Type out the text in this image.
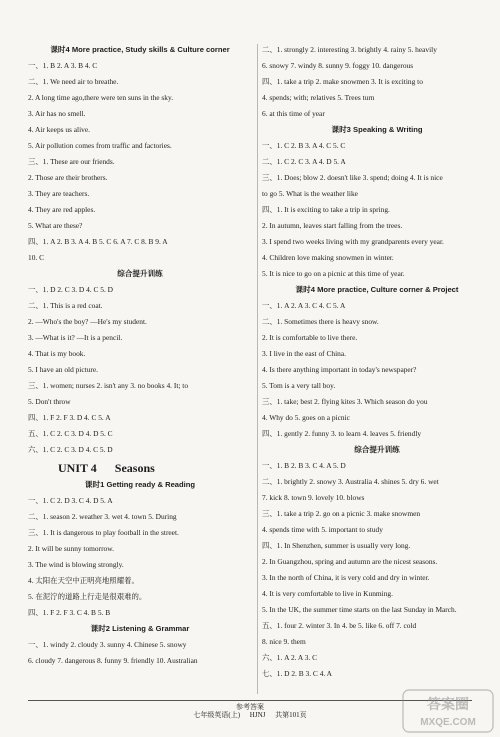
课时4 More practice, Study skills & Culture corner
一、1. B 2. A 3. B 4. C
二、1. We need air to breathe.
2. A long time ago,there were ten suns in the sky.
3. Air has no smell.
4. Air keeps us alive.
5. Air pollution comes from traffic and factories.
三、1. These are our friends.
2. Those are their brothers.
3. They are teachers.
4. They are red apples.
5. What are these?
四、1. A 2. B 3. A 4. B 5. C 6. A 7. C 8. B 9. A
10. C
综合提升训练
一、1. D 2. C 3. D 4. C 5. D
二、1. This is a red coat.
2. —Who's the boy? —He's my student.
3. —What is it? —It is a pencil.
4. That is my book.
5. I have an old picture.
三、1. women; nurses 2. isn't any 3. no books 4. It; to
5. Don't throw
四、1. F 2. F 3. D 4. C 5. A
五、1. C 2. C 3. D 4. D 5. C
六、1. C 2. C 3. D 4. C 5. D
UNIT 4 Seasons
课时1 Getting ready & Reading
一、1. C 2. D 3. C 4. D 5. A
二、1. season 2. weather 3. wet 4. town 5. During
三、1. It is dangerous to play football in the street.
2. It will be sunny tomorrow.
3. The wind is blowing strongly.
4. 太阳在天空中正明亮地照耀着。
5. 在泥泞的道路上行走是很艰难的。
四、1. F 2. F 3. C 4. B 5. B
课时2 Listening & Grammar
一、1. windy 2. cloudy 3. sunny 4. Chinese 5. snowy
6. cloudy 7. dangerous 8. funny 9. friendly 10. Australian
二、1. strongly 2. interesting 3. brightly 4. rainy 5. heavily
6. snowy 7. windy 8. sunny 9. foggy 10. dangerous
四、1. take a trip 2. make snowmen 3. It is exciting to
4. spends; with; relatives 5. Trees turn
6. at this time of year
课时3 Speaking & Writing
一、1. C 2. B 3. A 4. C 5. C
二、1. C 2. C 3. A 4. D 5. A
三、1. Does; blow 2. doesn't like 3. spend; doing 4. It is nice
to go 5. What is the weather like
四、1. It is exciting to take a trip in spring.
2. In autumn, leaves start falling from the trees.
3. I spend two weeks living with my grandparents every year.
4. Children love making snowmen in winter.
5. It is nice to go on a picnic at this time of year.
课时4 More practice, Culture corner & Project
一、1. A 2. A 3. C 4. C 5. A
二、1. Sometimes there is heavy snow.
2. It is comfortable to live there.
3. I live in the east of China.
4. Is there anything important in today's newspaper?
5. Tom is a very tall boy.
三、1. take; best 2. flying kites 3. Which season do you
4. Why do 5. goes on a picnic
四、1. gently 2. funny 3. to learn 4. leaves 5. friendly
综合提升训练
一、1. B 2. B 3. C 4. A 5. D
二、1. brightly 2. snowy 3. Australia 4. shines 5. dry 6. wet
7. kick 8. town 9. lovely 10. blows
三、1. take a trip 2. go on a picnic 3. make snowmen
4. spends time with 5. important to study
四、1. In Shenzhen, summer is usually very long.
2. In Guangzhou, spring and autumn are the nicest seasons.
3. In the north of China, it is very cold and dry in winter.
4. It is very comfortable to live in Kunming.
5. In the UK, the summer time starts on the last Sunday in March.
五、1. four 2. winter 3. In 4. be 5. like 6. off 7. cold
8. nice 9. them
六、1. A 2. A 3. C
七、1. D 2. B 3. C 4. A
参考答案
七年级英语(上) HJNJ 共第101页
答案圈
MXQE.COM
